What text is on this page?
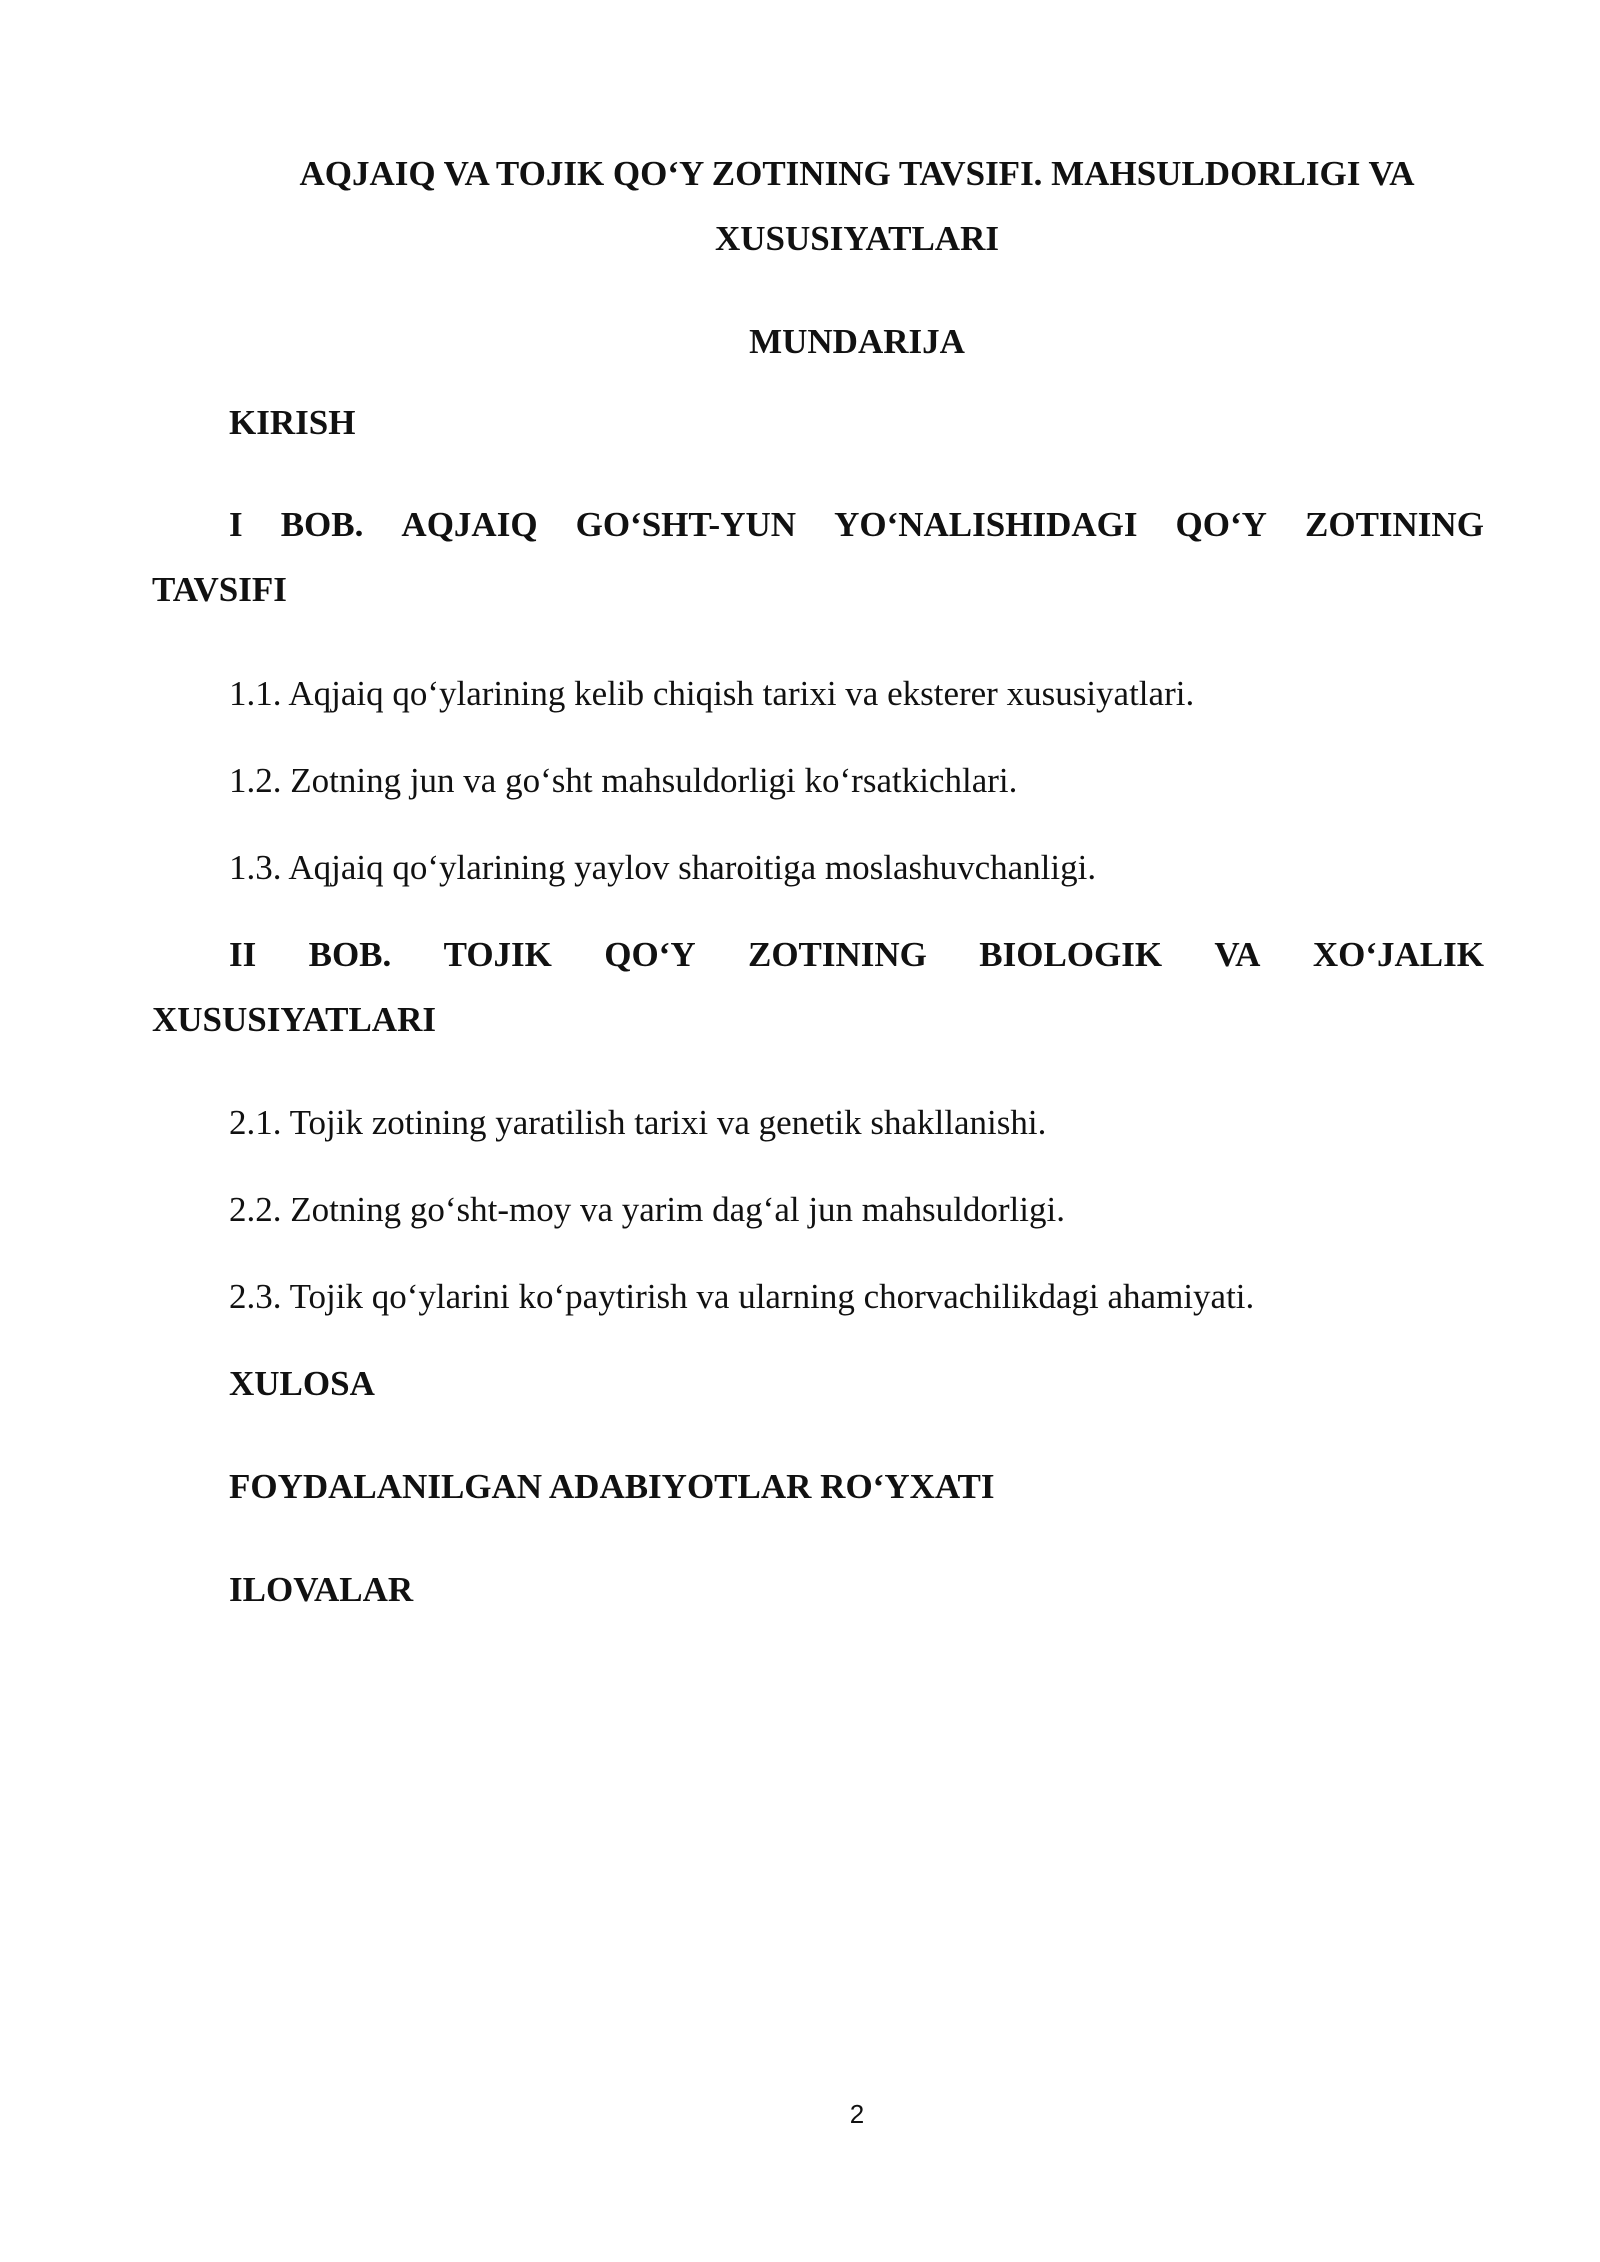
AQJAIQ VA TOJIK QO‘Y ZOTINING TAVSIFI. MAHSULDORLIGI VA
XUSUSIYATLARI
MUNDARIJA
KIRISH
I BOB. AQJAIQ GO‘SHT-YUN YO‘NALISHIDAGI QO‘Y ZOTINING
TAVSIFI
1.1. Aqjaiq qo‘ylarining kelib chiqish tarixi va eksterer xususiyatlari.
1.2. Zotning jun va go‘sht mahsuldorligi ko‘rsatkichlari.
1.3. Aqjaiq qo‘ylarining yaylov sharoitiga moslashuvchanligi.
II BOB. TOJIK QO‘Y ZOTINING BIOLOGIK VA XO‘JALIK
XUSUSIYATLARI
2.1. Tojik zotining yaratilish tarixi va genetik shakllanishi.
2.2. Zotning go‘sht-moy va yarim dag‘al jun mahsuldorligi.
2.3. Tojik qo‘ylarini ko‘paytirish va ularning chorvachilikdagi ahamiyati.
XULOSA
FOYDALANILGAN ADABIYOTLAR RO‘YXATI
ILOVALAR
2
